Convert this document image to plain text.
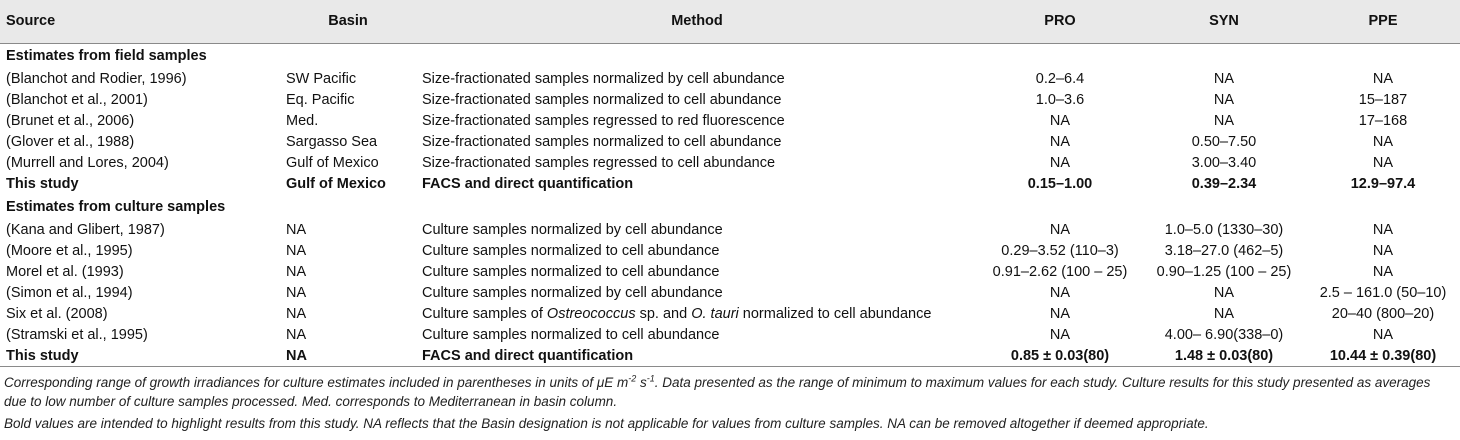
Source	Basin	Method	PRO	SYN	PPE
Estimates from field samples					
(Blanchot and Rodier, 1996)	SW Pacific	Size-fractionated samples normalized by cell abundance	0.2–6.4	NA	NA
(Blanchot et al., 2001)	Eq. Pacific	Size-fractionated samples normalized to cell abundance	1.0–3.6	NA	15–187
(Brunet et al., 2006)	Med.	Size-fractionated samples regressed to red fluorescence	NA	NA	17–168
(Glover et al., 1988)	Sargasso Sea	Size-fractionated samples normalized to cell abundance	NA	0.50–7.50	NA
(Murrell and Lores, 2004)	Gulf of Mexico	Size-fractionated samples regressed to cell abundance	NA	3.00–3.40	NA
This study	Gulf of Mexico	FACS and direct quantification	0.15–1.00	0.39–2.34	12.9–97.4
Estimates from culture samples					
(Kana and Glibert, 1987)	NA	Culture samples normalized by cell abundance	NA	1.0–5.0 (1330–30)	NA
(Moore et al., 1995)	NA	Culture samples normalized to cell abundance	0.29–3.52 (110–3)	3.18–27.0 (462–5)	NA
Morel et al. (1993)	NA	Culture samples normalized to cell abundance	0.91–2.62 (100 – 25)	0.90–1.25 (100 – 25)	NA
(Simon et al., 1994)	NA	Culture samples normalized by cell abundance	NA	NA	2.5 – 161.0 (50–10)
Six et al. (2008)	NA	Culture samples of Ostreococcus sp. and O. tauri normalized to cell abundance	NA	NA	20–40 (800–20)
(Stramski et al., 1995)	NA	Culture samples normalized to cell abundance	NA	4.00– 6.90(338–0)	NA
This study	NA	FACS and direct quantification	0.85 ± 0.03(80)	1.48 ± 0.03(80)	10.44 ± 0.39(80)

Corresponding range of growth irradiances for culture estimates included in parentheses in units of μE $m^{-2}$ $s^{-1}$. Data presented as the range of minimum to maximum values for each study. Culture results for this study presented as averages due to low number of culture samples processed. Med. corresponds to Mediterranean in basin column.

Bold values are intended to highlight results from this study. NA reflects that the Basin designation is not applicable for values from culture samples. NA can be removed altogether if deemed appropriate.
